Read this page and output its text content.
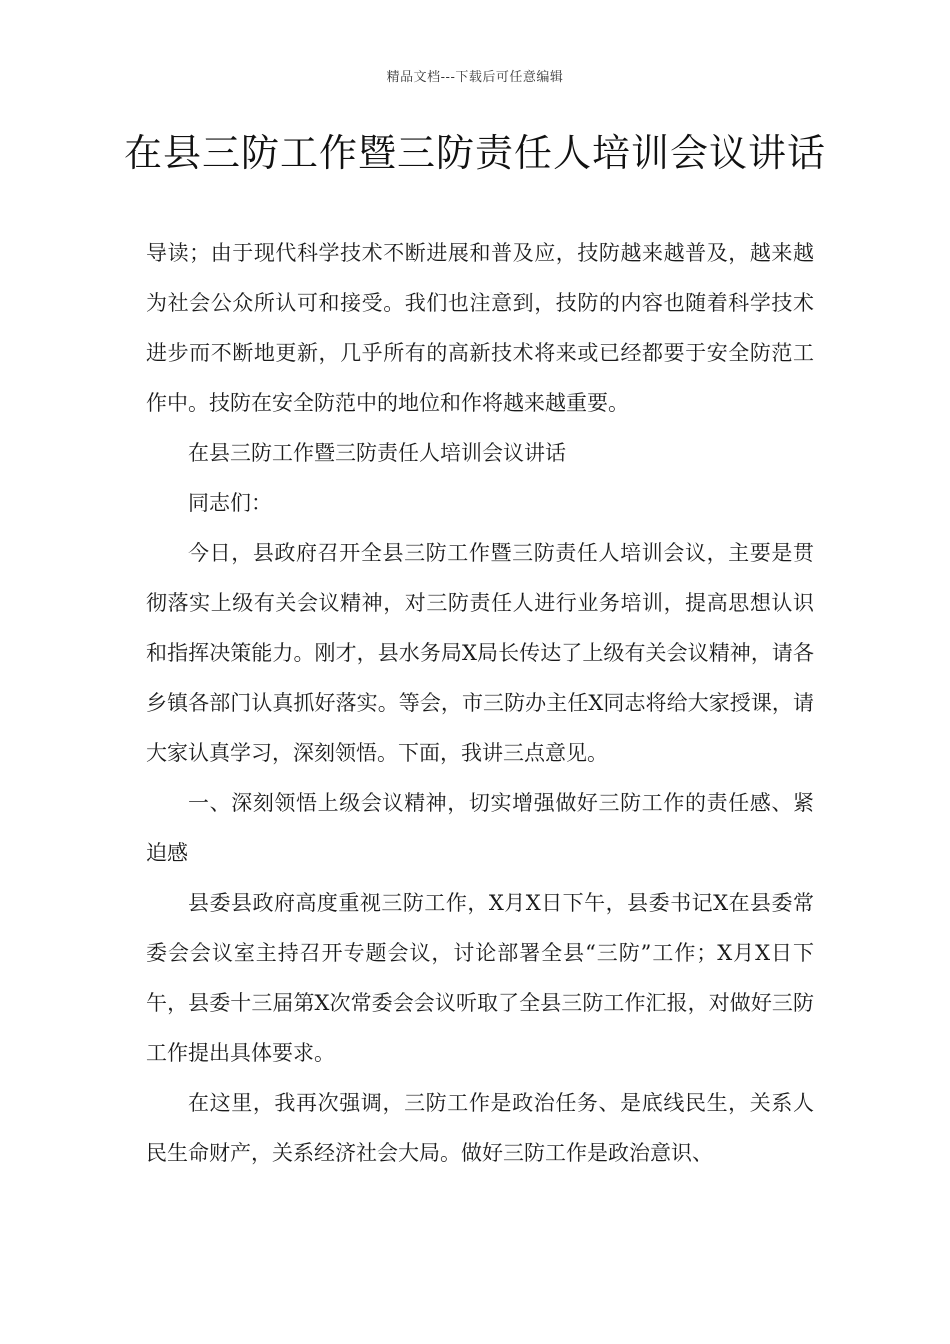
精品文档---下载后可任意编辑
在县三防工作暨三防责任人培训会议讲话

导读；由于现代科学技术不断进展和普及应，技防越来越普及，越来越为社会公众所认可和接受。我们也注意到，技防的内容也随着科学技术进步而不断地更新，几乎所有的高新技术将来或已经都要于安全防范工作中。技防在安全防范中的地位和作将越来越重要。

在县三防工作暨三防责任人培训会议讲话

同志们：

今日，县政府召开全县三防工作暨三防责任人培训会议，主要是贯彻落实上级有关会议精神，对三防责任人进行业务培训，提高思想认识和指挥决策能力。刚才，县水务局X局长传达了上级有关会议精神，请各乡镇各部门认真抓好落实。等会，市三防办主任X同志将给大家授课，请大家认真学习，深刻领悟。下面，我讲三点意见。

一、深刻领悟上级会议精神，切实增强做好三防工作的责任感、紧迫感

县委县政府高度重视三防工作，X月X日下午，县委书记X在县委常委会会议室主持召开专题会议，讨论部署全县“三防”工作；X月X日下午，县委十三届第X次常委会会议听取了全县三防工作汇报，对做好三防工作提出具体要求。

在这里，我再次强调，三防工作是政治任务、是底线民生，关系人民生命财产，关系经济社会大局。做好三防工作是政治意识、
